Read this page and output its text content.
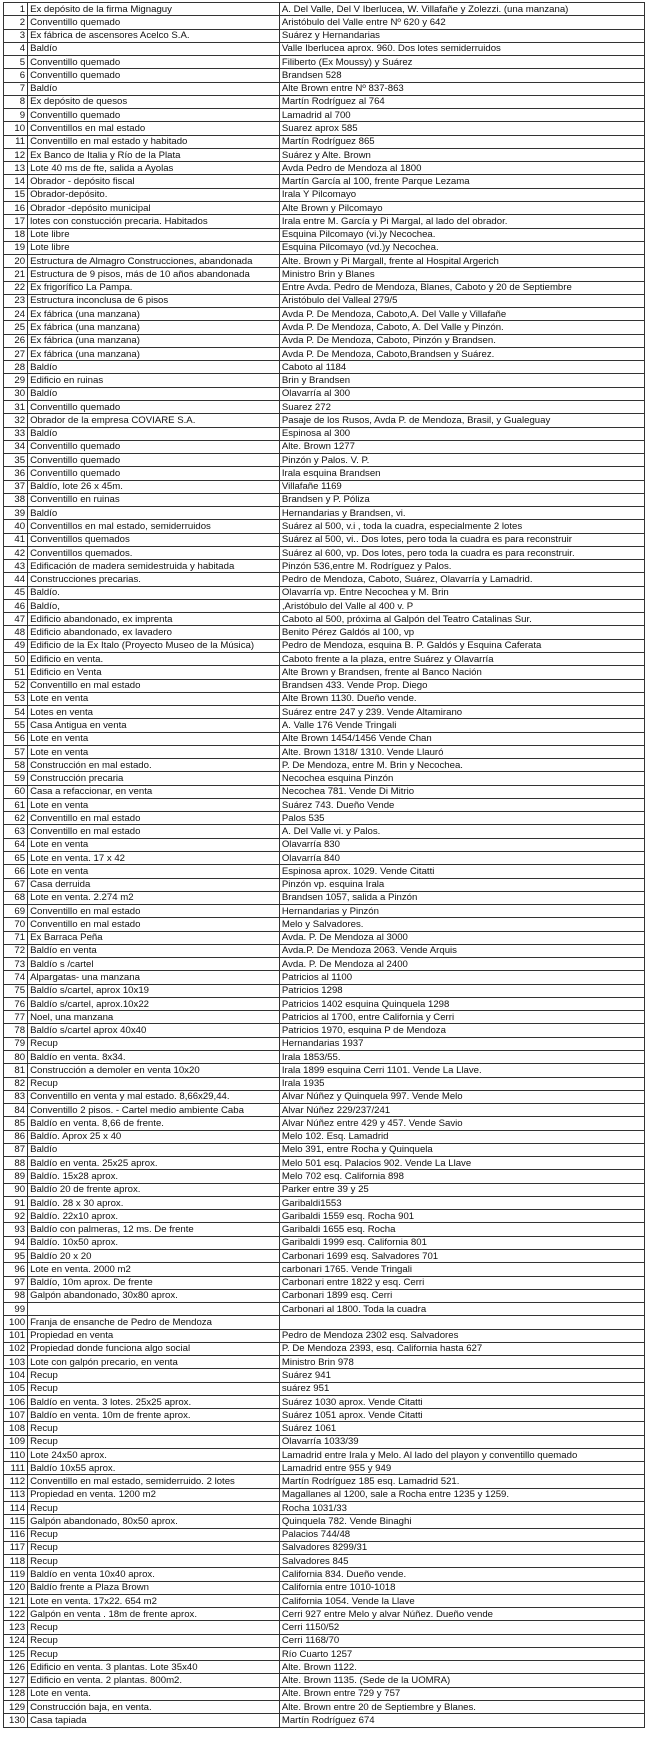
1	Ex depósito de la firma Mignaguy	A. Del Valle, Del V Iberlucea, W. Villafañe y Zolezzi. (una manzana)
2	Conventillo quemado	Aristóbulo del Valle entre Nº 620 y 642
3	Ex fábrica de ascensores Acelco S.A.	Suárez y Hernandarias
4	Baldío	Valle Iberlucea aprox. 960. Dos lotes semiderruidos
5	Conventillo quemado	Filiberto (Ex Moussy) y Suárez
6	Conventillo quemado	Brandsen 528
7	Baldío	Alte Brown entre Nº 837-863
8	Ex depósito de quesos	Martín Rodríguez al 764
9	Conventillo quemado	Lamadrid al 700
10	Conventillos en mal estado	Suarez aprox 585
11	Conventillo en mal estado y habitado	Martín Rodríguez 865
12	Ex Banco de Italia y Río de la Plata	Suárez y Alte. Brown
13	Lote 40 ms de fte, salida a Ayolas	Avda Pedro de Mendoza al 1800
14	Obrador - depósito fiscal	Martín García al 100, frente Parque Lezama
15	Obrador-depósito.	Irala Y Pilcomayo
16	Obrador -depósito municipal	Alte Brown y Pilcomayo
17	lotes con constucción precaria. Habitados	Irala entre M. García y Pi Margal, al lado del obrador.
18	Lote libre	Esquina Pilcomayo (vi.)y Necochea.
19	Lote libre	Esquina Pilcomayo (vd.)y Necochea.
20	Estructura de Almagro Construcciones, abandonada	Alte. Brown y Pi Margall, frente al Hospital Argerich
21	Estructura de 9 pisos, más de 10 años abandonada	Ministro Brin y Blanes
22	Ex frigorífico La Pampa.	Entre Avda. Pedro de Mendoza, Blanes, Caboto y 20 de Septiembre
23	Estructura inconclusa de 6 pisos	Aristóbulo del Valleal 279/5
24	Ex fábrica (una manzana)	Avda P. De Mendoza, Caboto,A. Del Valle y Villafañe
25	Ex fábrica (una manzana)	Avda P. De Mendoza, Caboto, A. Del Valle y Pinzón.
26	Ex fábrica (una manzana)	Avda P. De Mendoza, Caboto, Pinzón y Brandsen.
27	Ex fábrica (una manzana)	Avda P. De Mendoza, Caboto,Brandsen y Suárez.
28	Baldío	Caboto al 1184
29	Edificio en ruinas	Brin y Brandsen
30	Baldío	Olavarría al 300
31	Conventillo quemado	Suarez 272
32	Obrador de la empresa COVIARE S.A.	Pasaje de los Rusos, Avda P. de Mendoza, Brasil, y Gualeguay
33	Baldío	Espinosa al 300
34	Conventillo quemado	Alte. Brown 1277
35	Conventillo quemado	Pinzón y Palos. V. P.
36	Conventillo quemado	Irala esquina Brandsen
37	Baldío, lote 26 x 45m.	Villafañe 1169
38	Conventillo en ruinas	Brandsen y P. Póliza
39	Baldío	Hernandarias y Brandsen, vi.
40	Conventillos en mal estado, semiderruidos	Suárez al 500, v.i , toda la cuadra, especialmente 2 lotes
41	Conventillos quemados	Suárez al 500, vi.. Dos lotes, pero toda la cuadra es para reconstruir
42	Conventillos quemados.	Suárez al 600, vp. Dos lotes, pero toda la cuadra es para reconstruir.
43	Edificación de madera semidestruida y habitada	Pinzón 536,entre M. Rodríguez y Palos.
44	Construcciones precarias.	Pedro de Mendoza, Caboto, Suárez, Olavarría y Lamadrid.
45	Baldío.	Olavarría vp. Entre Necochea y M. Brin
46	Baldío,	,Aristóbulo del Valle al 400 v. P
47	Edificio abandonado, ex imprenta	Caboto al 500, próxima al Galpón del Teatro Catalinas Sur.
48	Edificio abandonado, ex lavadero	Benito Pérez Galdós al 100, vp
49	Edificio de la Ex Italo (Proyecto Museo de la Música)	Pedro de Mendoza, esquina B. P. Galdós y Esquina Caferata
50	Edificio en venta.	Caboto frente a la plaza, entre Suárez y Olavarría
51	Edificio en Venta	Alte Brown y Brandsen, frente al Banco Nación
52	Conventillo en mal estado	Brandsen 433. Vende Prop. Diego
53	Lote en venta	Alte Brown 1130. Dueño vende.
54	Lotes en venta	Suárez entre 247 y 239. Vende Altamirano
55	Casa Antigua en venta	A. Valle 176 Vende Tringali
56	Lote en venta	Alte Brown 1454/1456 Vende Chan
57	Lote en venta	Alte. Brown 1318/ 1310. Vende Llauró
58	Construcción en mal estado.	P. De Mendoza, entre M. Brin y Necochea.
59	Construcción precaria	Necochea esquina Pinzón
60	Casa a refaccionar, en venta	Necochea 781. Vende Di Mitrio
61	Lote en venta	Suárez 743. Dueño Vende
62	Conventillo en mal estado	Palos 535
63	Conventillo en mal estado	A. Del Valle vi. y Palos.
64	Lote en venta	Olavarría 830
65	Lote en venta. 17 x 42	Olavarría 840
66	Lote en venta	Espinosa aprox. 1029. Vende Citatti
67	Casa derruida	Pinzón vp. esquina Irala
68	Lote en venta. 2.274 m2	Brandsen 1057, salida a Pinzón
69	Conventillo en mal estado	Hernandarias y Pinzón
70	Conventillo en mal estado	Melo y Salvadores.
71	Ex Barraca Peña	Avda. P. De Mendoza al 3000
72	Baldío en venta	Avda.P. De Mendoza 2063. Vende Arquis
73	Baldío s /cartel	Avda. P. De Mendoza al 2400
74	Alpargatas- una manzana	Patricios al 1100
75	Baldío s/cartel, aprox 10x19	Patricios 1298
76	Baldío s/cartel, aprox.10x22	Patricios 1402 esquina Quinquela 1298
77	Noel, una manzana	Patricios al 1700, entre California y Cerri
78	Baldío s/cartel aprox 40x40	Patricios 1970, esquina P de Mendoza
79	Recup	Hernandarias 1937
80	Baldío en venta. 8x34.	Irala 1853/55.
81	Construcción a demoler en venta 10x20	Irala 1899 esquina Cerri 1101. Vende La Llave.
82	Recup	Irala 1935
83	Conventillo en venta y mal estado. 8,66x29,44.	Alvar Núñez y Quinquela 997. Vende Melo
84	Conventillo 2 pisos. - Cartel medio ambiente Caba	Alvar Núñez 229/237/241
85	Baldío en venta. 8,66 de frente.	Alvar Núñez entre 429 y 457. Vende Savio
86	Baldío. Aprox 25 x 40	Melo 102. Esq. Lamadrid
87	Baldío	Melo 391, entre Rocha y Quinquela
88	Baldío en venta. 25x25 aprox.	Melo 501 esq. Palacios 902. Vende La Llave
89	Baldío. 15x28 aprox.	Melo 702 esq. California 898
90	Baldío 20 de frente aprox.	Parker entre 39 y 25
91	Baldío. 28 x 30 aprox.	Garibaldi1553
92	Baldío. 22x10 aprox.	Garibaldi 1559 esq. Rocha 901
93	Baldío con palmeras, 12 ms. De frente	Garibaldi 1655 esq. Rocha
94	Baldío. 10x50 aprox.	Garibaldi 1999 esq. California 801
95	Baldío 20 x 20	Carbonari 1699 esq. Salvadores 701
96	Lote en venta. 2000 m2	carbonari 1765. Vende Tringali
97	Baldío, 10m aprox. De frente	Carbonari entre 1822 y esq. Cerri
98	Galpón abandonado, 30x80 aprox.	Carbonari 1899 esq. Cerri
99		Carbonari al 1800. Toda la cuadra
100	Franja de ensanche de Pedro de Mendoza	
101	Propiedad en venta	Pedro de Mendoza 2302 esq. Salvadores
102	Propiedad donde funciona algo social	P. De Mendoza 2393, esq. California hasta 627
103	Lote con galpón precario, en venta	Ministro Brin 978
104	Recup	Suárez 941
105	Recup	suárez 951
106	Baldío en venta. 3 lotes. 25x25 aprox.	Suárez 1030 aprox. Vende Citatti
107	Baldío en venta. 10m de frente aprox.	Suárez 1051 aprox. Vende Citatti
108	Recup	Suárez 1061
109	Recup	Olavarría 1033/39
110	Lote 24x50 aprox.	Lamadrid entre Irala y Melo. Al lado del playon y conventillo quemado
111	Baldío 10x55 aprox.	Lamadrid entre 955 y 949
112	Conventillo en mal estado, semiderruido. 2 lotes	Martín Rodríguez 185 esq. Lamadrid 521.
113	Propiedad en venta. 1200 m2	Magallanes al 1200, sale a Rocha entre 1235 y 1259.
114	Recup	Rocha 1031/33
115	Galpón abandonado, 80x50 aprox.	Quinquela 782. Vende Binaghi
116	Recup	Palacios 744/48
117	Recup	Salvadores 8299/31
118	Recup	Salvadores 845
119	Baldío en venta 10x40 aprox.	California 834. Dueño vende.
120	Baldío frente a Plaza Brown	California entre 1010-1018
121	Lote en venta. 17x22. 654 m2	California 1054. Vende la Llave
122	Galpón en venta . 18m de frente aprox.	Cerri 927 entre Melo y alvar Núñez. Dueño vende
123	Recup	Cerri 1150/52
124	Recup	Cerri 1168/70
125	Recup	Río Cuarto 1257
126	Edificio en venta. 3 plantas. Lote 35x40	Alte. Brown 1122.
127	Edificio en venta. 2 plantas. 800m2.	Alte. Brown 1135. (Sede de la UOMRA)
128	Lote en venta.	Alte. Brown entre 729 y 757
129	Construcción baja, en venta.	Alte. Brown entre 20 de Septiembre y Blanes.
130	Casa tapiada	Martín Rodríguez 674
